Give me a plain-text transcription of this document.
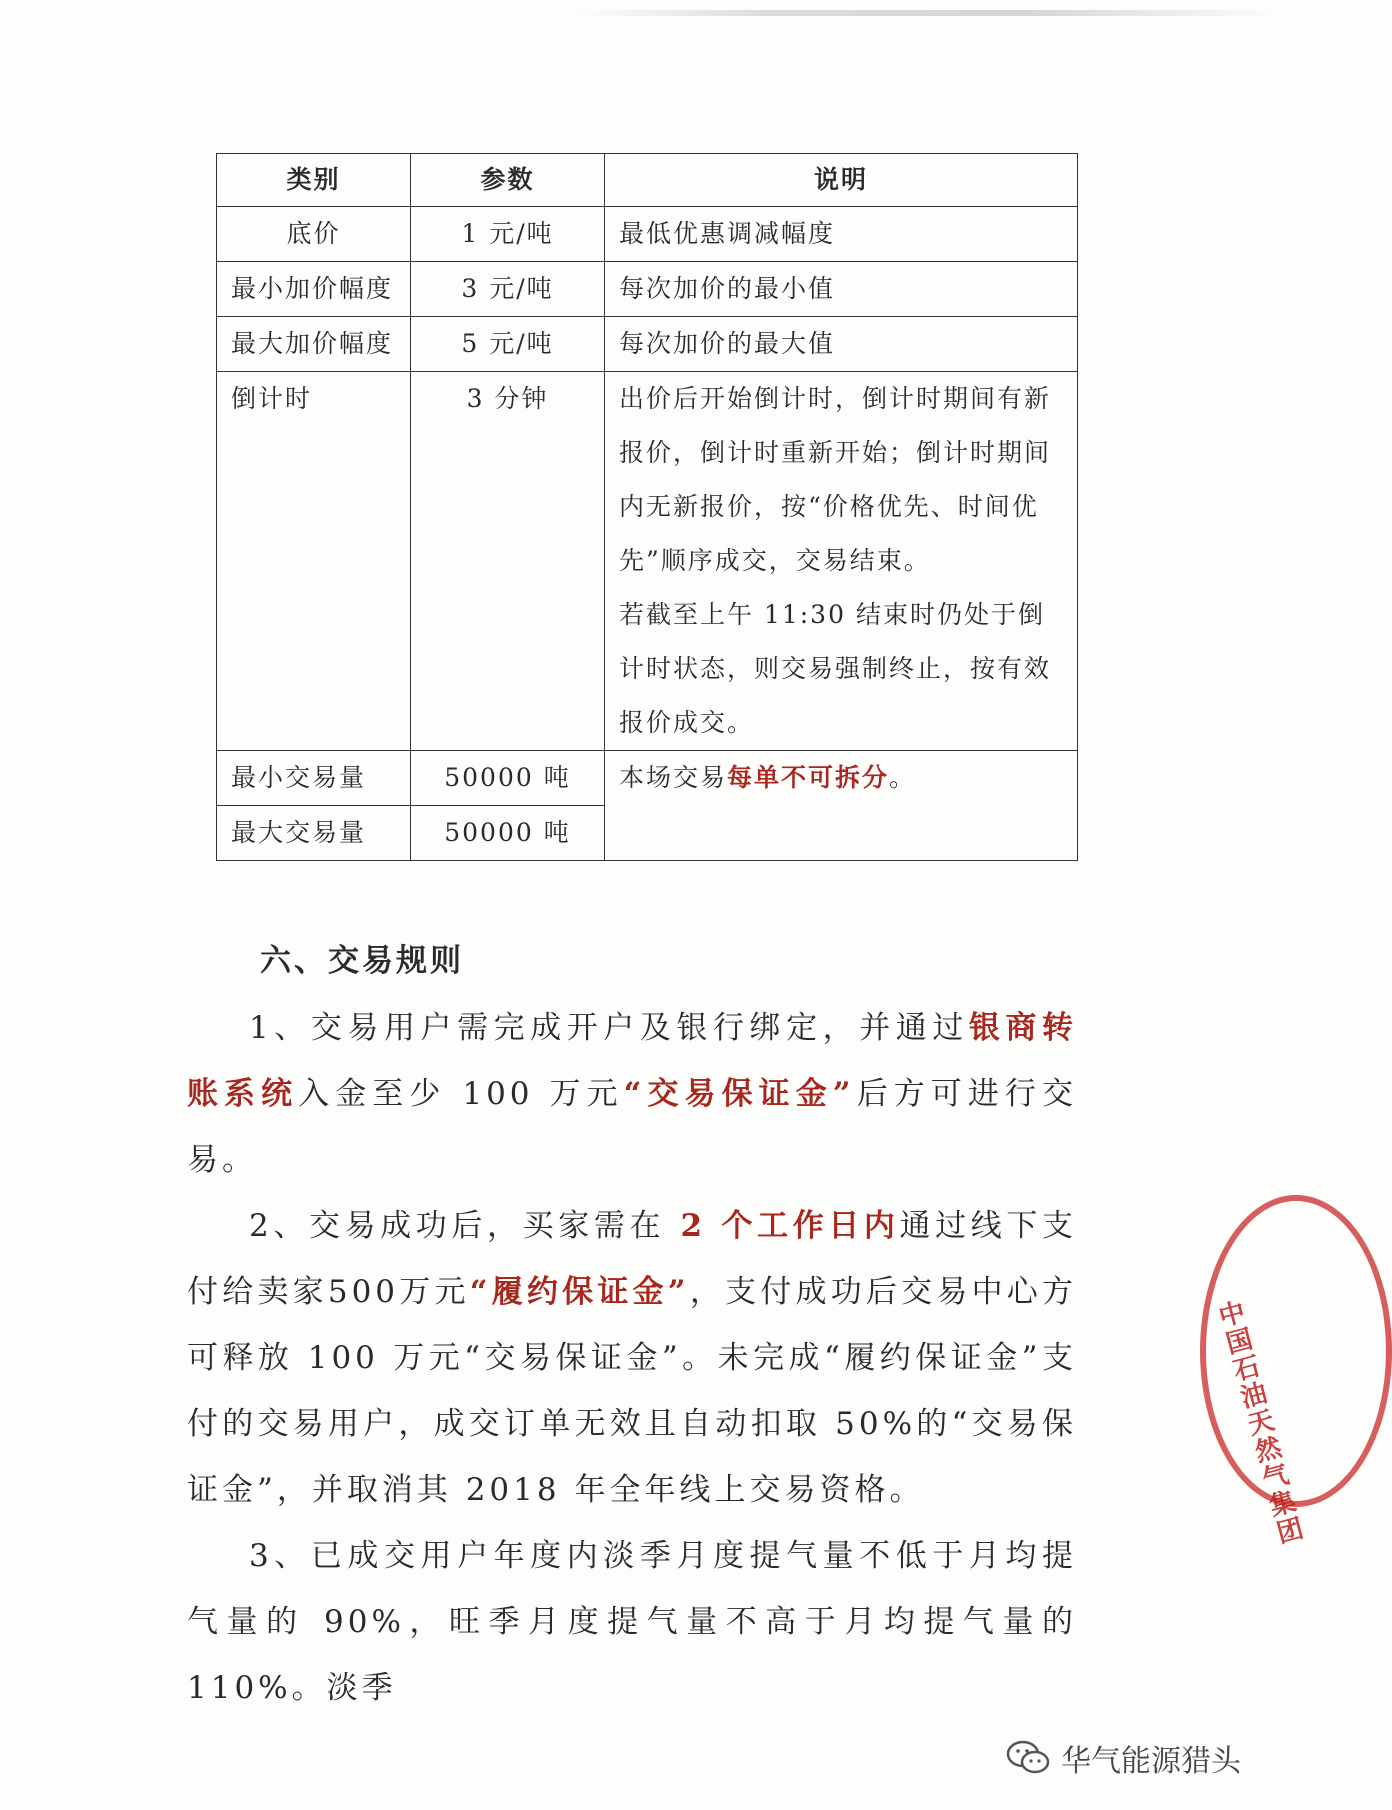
类别	参数	说明
底价	1 元/吨	最低优惠调减幅度
最小加价幅度	3 元/吨	每次加价的最小值
最大加价幅度	5 元/吨	每次加价的最大值
倒计时	3 分钟	出价后开始倒计时，倒计时期间有新报价，倒计时重新开始；倒计时期间内无新报价，按“价格优先、时间优先”顺序成交，交易结束。
若截至上午 11:30 结束时仍处于倒计时状态，则交易强制终止，按有效报价成交。

最小交易量	50000 吨	本场交易每单不可拆分。
最大交易量	50000 吨	
六、交易规则

1、交易用户需完成开户及银行绑定，并通过银商转账系统入金至少 100 万元“交易保证金”后方可进行交易。

2、交易成功后，买家需在 2 个工作日内通过线下支付给卖家500万元“履约保证金”，支付成功后交易中心方可释放 100 万元“交易保证金”。未完成“履约保证金”支付的交易用户，成交订单无效且自动扣取 50%的“交易保证金”，并取消其 2018 年全年线上交易资格。

3、已成交用户年度内淡季月度提气量不低于月均提气量的 90%，旺季月度提气量不高于月均提气量的 110%。淡季

中国石油天然气集团
华气能源猎头
